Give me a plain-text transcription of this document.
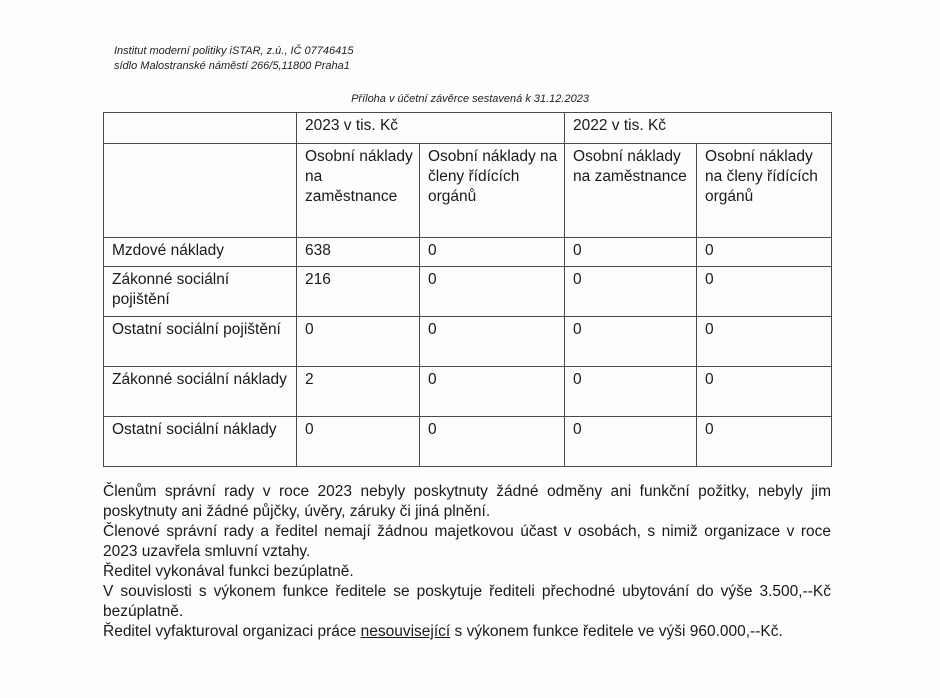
Institut moderní politiky iSTAR, z.ú., IČ 07746415
sídlo Malostranské náměstí 266/5,11800 Praha1
Příloha v účetní závěrce sestavená k 31.12.2023
	2023 v tis. Kč		2022 v tis. Kč	
	Osobní náklady na zaměstnance	Osobní náklady na členy řídících orgánů	Osobní náklady na zaměstnance	Osobní náklady na členy řídících orgánů
Mzdové náklady	638	0	0	0
Zákonné sociální pojištění	216	0	0	0
Ostatní sociální pojištění	0	0	0	0
Zákonné sociální náklady	2	0	0	0
Ostatní sociální náklady	0	0	0	0

Členům správní rady v roce 2023 nebyly poskytnuty žádné odměny ani funkční požitky, nebyly jim poskytnuty ani žádné půjčky, úvěry, záruky či jiná plnění.

Členové správní rady a ředitel nemají žádnou majetkovou účast v osobách, s nimiž organizace v roce 2023 uzavřela smluvní vztahy.

Ředitel vykonával funkci bezúplatně.

V souvislosti s výkonem funkce ředitele se poskytuje řediteli přechodné ubytování do výše 3.500,--Kč bezúplatně.

Ředitel vyfakturoval organizaci práce nesouvisející s výkonem funkce ředitele ve výši 960.000,--Kč.
